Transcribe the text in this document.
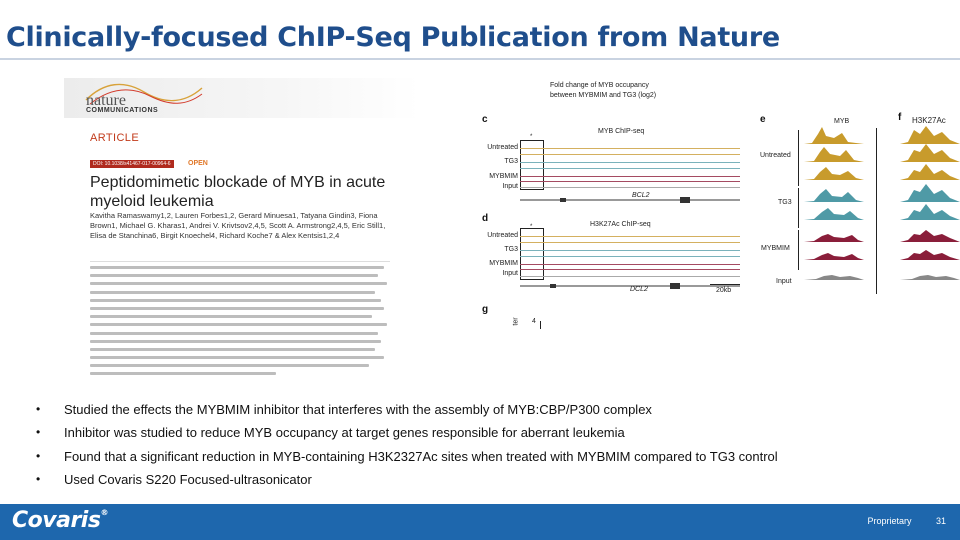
Clinically-focused ChIP-Seq Publication from Nature
nature
COMMUNICATIONS
ARTICLE
DOI: 10.1038/s41467-017-00964-6	OPEN
Peptidomimetic blockade of MYB in acute myeloid leukemia
Kavitha Ramaswamy1,2, Lauren Forbes1,2, Gerard Minuesa1, Tatyana Gindin3, Fiona Brown1, Michael G. Kharas1, Andrei V. Krivtsov2,4,5, Scott A. Armstrong2,4,5, Eric Still1, Elisa de Stanchina6, Birgit Knoechel4, Richard Koche7 & Alex Kentsis1,2,4
Fold change of MYB occupancy
between MYBMIM and TG3 (log2)
c
MYB ChIP-seq
*
Untreated
TG3
MYBMIM
Input
BCL2
d
H3K27Ac ChIP-seq
*
Untreated
TG3
MYBMIM
Input
DCL2	20kb
g
ter 4
e	MYB
Untreated
TG3
MYBMIM
Input
f H3K27Ac
• Studied the effects the MYBMIM inhibitor that interferes with the assembly of MYB:CBP/P300 complex
• Inhibitor was studied to reduce MYB occupancy at target genes responsible for aberrant leukemia
• Found that a significant reduction in MYB-containing H3K2327Ac sites when treated with MYBMIM compared to TG3 control
• Used Covaris S220 Focused-ultrasonicator
Covaris®
Proprietary	31
